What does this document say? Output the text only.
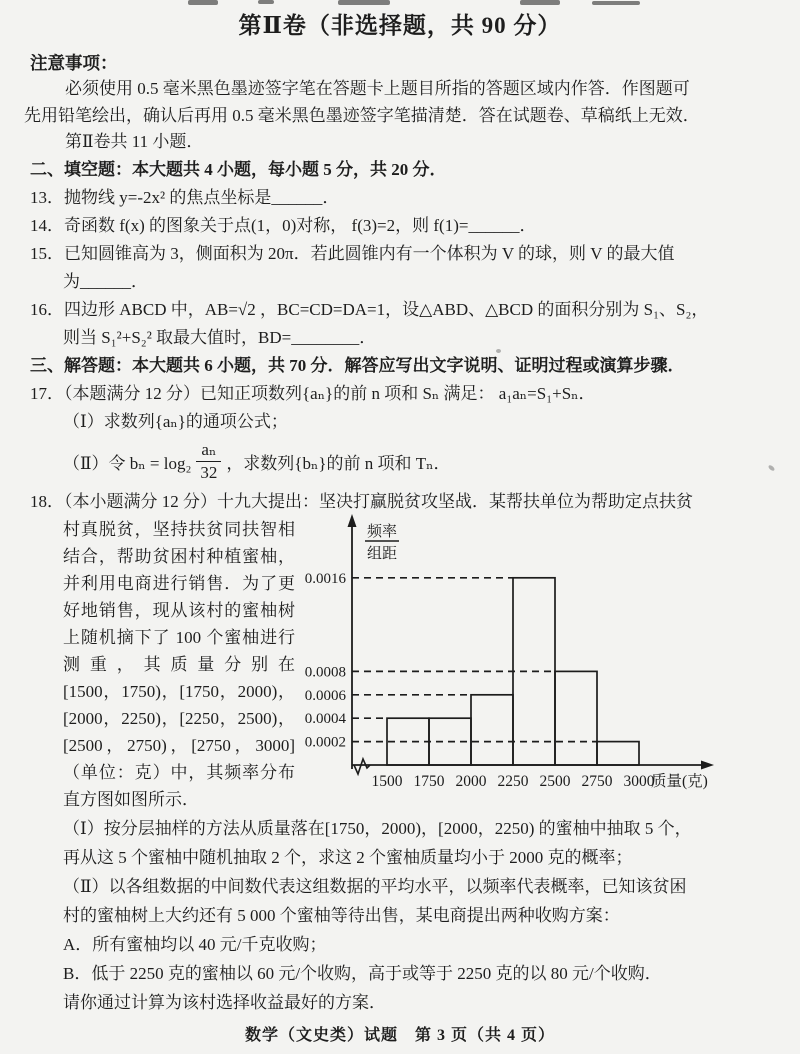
第Ⅱ卷（非选择题，共 90 分）
注意事项：
必须使用 0.5 毫米黑色墨迹签字笔在答题卡上题目所指的答题区域内作答．作图题可
先用铅笔绘出，确认后再用 0.5 毫米黑色墨迹签字笔描清楚．答在试题卷、草稿纸上无效．
第Ⅱ卷共 11 小题．
二、填空题：本大题共 4 小题，每小题 5 分，共 20 分．
13．抛物线 y=-2x² 的焦点坐标是______．
14．奇函数 f(x) 的图象关于点(1，0)对称， f(3)=2，则 f(1)=______．
15．已知圆锥高为 3，侧面积为 20π．若此圆锥内有一个体积为 V 的球，则 V 的最大值
为______．
16．四边形 ABCD 中，AB=√2 ，BC=CD=DA=1，设△ABD、△BCD 的面积分别为 S₁、S₂，
则当 S₁²+S₂² 取最大值时，BD=________．
三、解答题：本大题共 6 小题，共 70 分．解答应写出文字说明、证明过程或演算步骤．
17．（本题满分 12 分）已知正项数列{aₙ}的前 n 项和 Sₙ 满足： a₁aₙ=S₁+Sₙ．
（Ⅰ）求数列{aₙ}的通项公式；
（Ⅱ）令 $b_n = \log_2 \frac{\text{aₙ}}{32}$ ，求数列{bₙ}的前 n 项和 Tₙ．
18．（本小题满分 12 分）十九大提出：坚决打赢脱贫攻坚战．某帮扶单位为帮助定点扶贫
村真脱贫，坚持扶贫同扶智相
结合，帮助贫困村种植蜜柚，
并利用电商进行销售．为了更
好地销售，现从该村的蜜柚树
上随机摘下了 100 个蜜柚进行
测重，其质量分别在
[1500，1750)，[1750，2000)，
[2000，2250)，[2250，2500)，
[2500，2750)，[2750，3000]
（单位：克）中，其频率分布
直方图如图所示．
0.0002
0.0004
0.0006
0.0008
0.0016
1500 1750 2000 2250 2500 2750 3000
质量(克)
频率
组距
（Ⅰ）按分层抽样的方法从质量落在[1750，2000)，[2000，2250) 的蜜柚中抽取 5 个，
再从这 5 个蜜柚中随机抽取 2 个，求这 2 个蜜柚质量均小于 2000 克的概率；
（Ⅱ）以各组数据的中间数代表这组数据的平均水平，以频率代表概率，已知该贫困
村的蜜柚树上大约还有 5 000 个蜜柚等待出售，某电商提出两种收购方案：
A．所有蜜柚均以 40 元/千克收购；
B．低于 2250 克的蜜柚以 60 元/个收购，高于或等于 2250 克的以 80 元/个收购．
请你通过计算为该村选择收益最好的方案．
数学（文史类）试题　第 3 页（共 4 页）
